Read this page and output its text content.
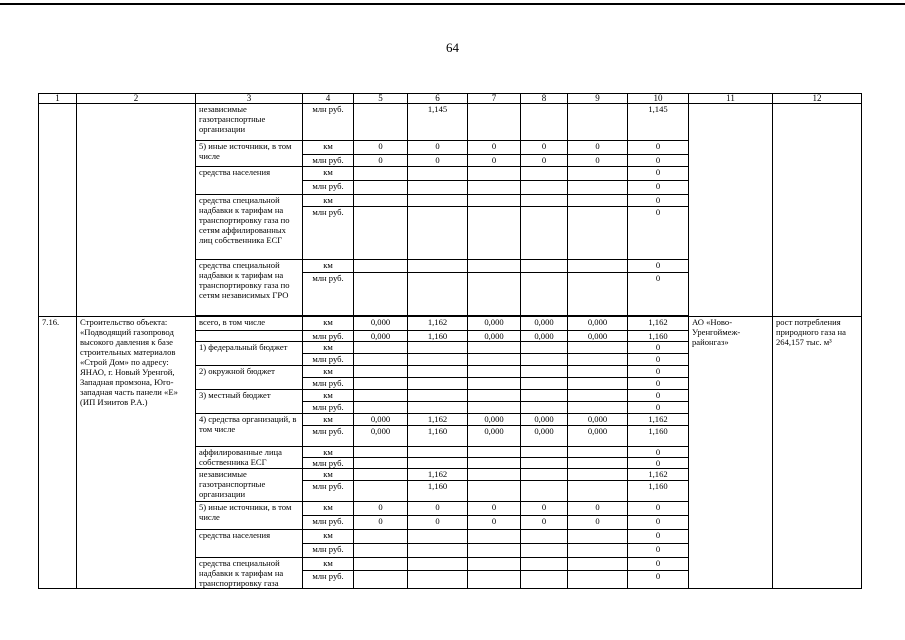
64
1	2	3	4	5	6	7	8	9	10	11	12
		независимые газотранспортные организации	млн руб.		1,145				1,145		
		5) иные источники, в том числе	км	0	0	0	0	0	0		
			млн руб.	0	0	0	0	0	0		
		средства населения	км						0		
			млн руб.						0		
		средства специальной надбавки к тарифам на транспортировку газа по сетям аффилированных лиц собственника ЕСГ	км						0		
			млн руб.						0		
		средства специальной надбавки к тарифам на транспортировку газа по сетям независимых ГРО	км						0		
			млн руб.						0		

7.16.	Строительство объекта: «Подводящий газопровод высокого давления к базе строительных материалов «Строй Дом» по адресу: ЯНАО, г. Новый Уренгой, Западная промзона, Юго-западная часть панели «Е» (ИП Изиитов Р.А.)	всего, в том числе	км	0,000	1,162	0,000	0,000	0,000	1,162	АО «Ново-Уренгоймеж-районгаз»	рост потребления природного газа на 264,157 тыс. м³
			млн руб.	0,000	1,160	0,000	0,000	0,000	1,160		
		1) федеральный бюджет	км						0		
			млн руб.						0		
		2) окружной бюджет	км						0		
			млн руб.						0		
		3) местный бюджет	км						0		
			млн руб.						0		
		4) средства организаций, в том числе	км	0,000	1,162	0,000	0,000	0,000	1,162		
			млн руб.	0,000	1,160	0,000	0,000	0,000	1,160		
		аффилированные лица собственника ЕСГ	км						0		
			млн руб.						0		
		независимые газотранспортные организации	км		1,162				1,162		
			млн руб.		1,160				1,160		
		5) иные источники, в том числе	км	0	0	0	0	0	0		
			млн руб.	0	0	0	0	0	0		
		средства населения	км						0		
			млн руб.						0		
		средства специальной надбавки к тарифам на транспортировку газа	км						0		
			млн руб.						0		
